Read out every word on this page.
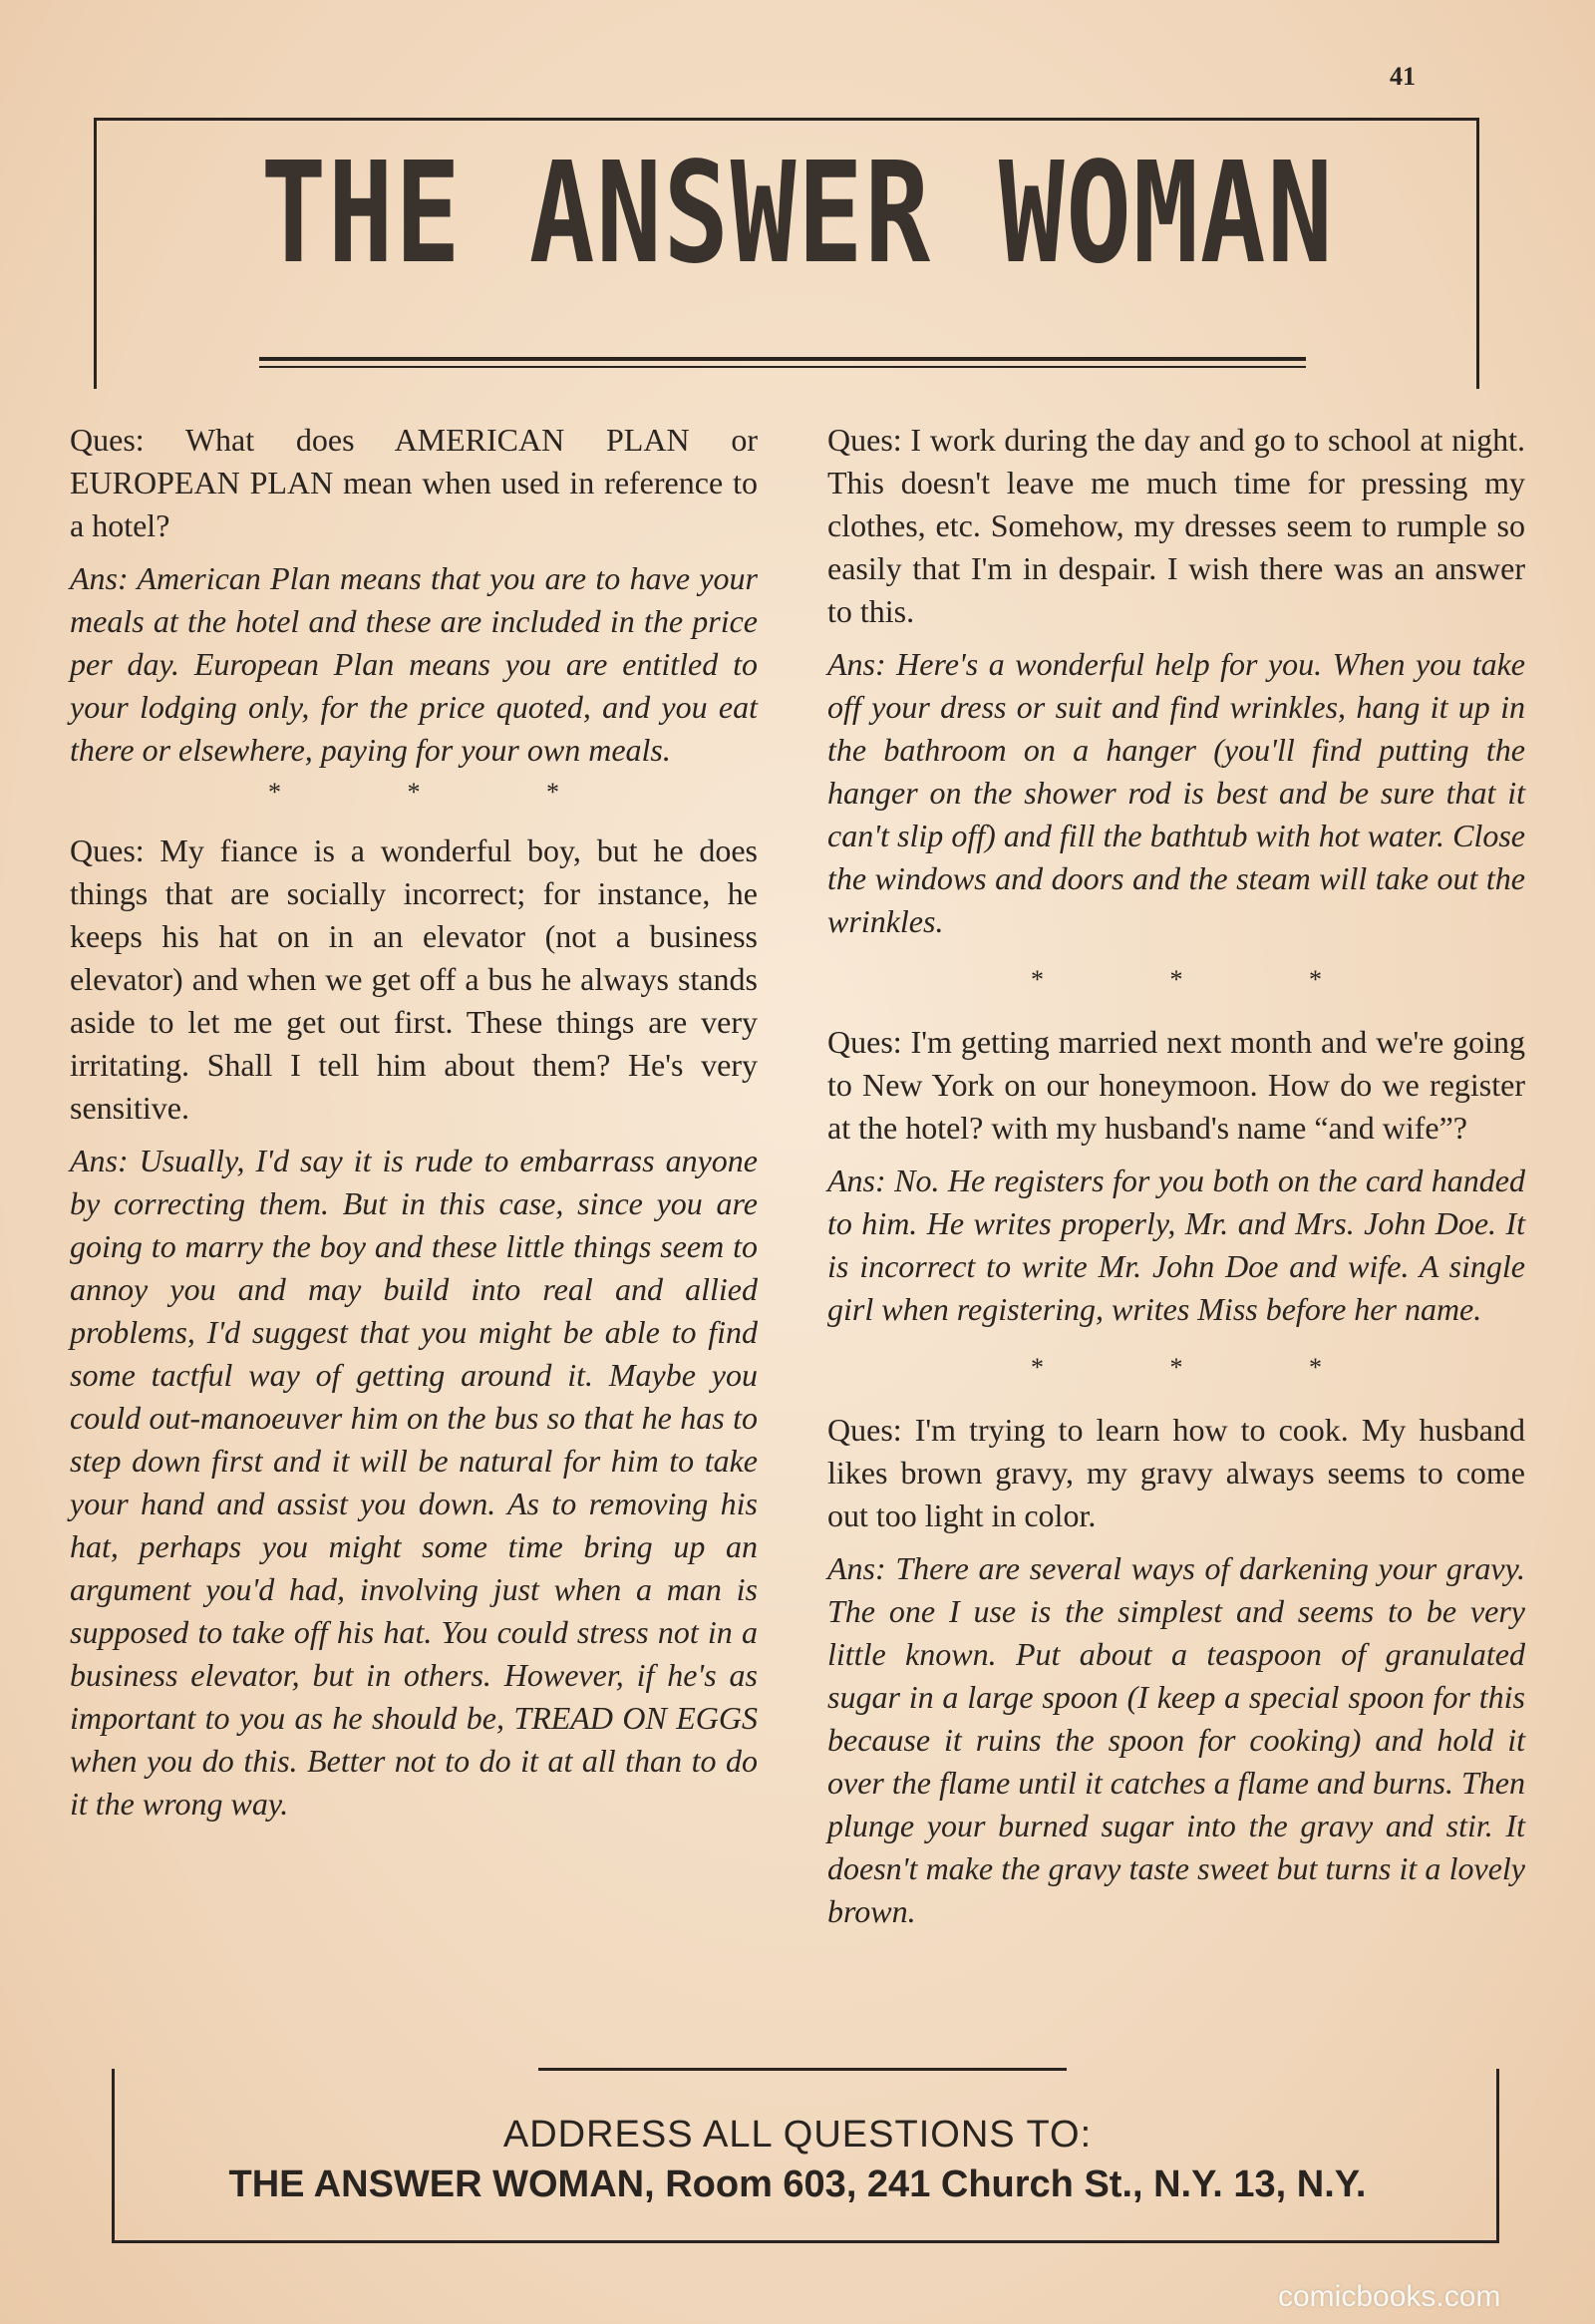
41
THE ANSWER WOMAN

Ques: What does AMERICAN PLAN or EUROPEAN PLAN mean when used in reference to a hotel?

Ans: American Plan means that you are to have your meals at the hotel and these are included in the price per day. European Plan means you are entitled to your lodging only, for the price quoted, and you eat there or elsewhere, paying for your own meals.

* * *

Ques: My fiance is a wonderful boy, but he does things that are socially incorrect; for instance, he keeps his hat on in an elevator (not a business elevator) and when we get off a bus he always stands aside to let me get out first. These things are very irritating. Shall I tell him about them? He's very sensitive.

Ans: Usually, I'd say it is rude to embarrass anyone by correcting them. But in this case, since you are going to marry the boy and these little things seem to annoy you and may build into real and allied problems, I'd suggest that you might be able to find some tactful way of getting around it. Maybe you could out-manoeuver him on the bus so that he has to step down first and it will be natural for him to take your hand and assist you down. As to removing his hat, perhaps you might some time bring up an argument you'd had, involving just when a man is supposed to take off his hat. You could stress not in a business elevator, but in others. However, if he's as important to you as he should be, TREAD ON EGGS when you do this. Better not to do it at all than to do it the wrong way.

Ques: I work during the day and go to school at night. This doesn't leave me much time for pressing my clothes, etc. Somehow, my dresses seem to rumple so easily that I'm in despair. I wish there was an answer to this.

Ans: Here's a wonderful help for you. When you take off your dress or suit and find wrinkles, hang it up in the bathroom on a hanger (you'll find putting the hanger on the shower rod is best and be sure that it can't slip off) and fill the bathtub with hot water. Close the windows and doors and the steam will take out the wrinkles.

* * *

Ques: I'm getting married next month and we're going to New York on our honeymoon. How do we register at the hotel? with my husband's name “and wife”?

Ans: No. He registers for you both on the card handed to him. He writes properly, Mr. and Mrs. John Doe. It is incorrect to write Mr. John Doe and wife. A single girl when registering, writes Miss before her name.

* * *

Ques: I'm trying to learn how to cook. My husband likes brown gravy, my gravy always seems to come out too light in color.

Ans: There are several ways of darkening your gravy. The one I use is the simplest and seems to be very little known. Put about a teaspoon of granulated sugar in a large spoon (I keep a special spoon for this because it ruins the spoon for cooking) and hold it over the flame until it catches a flame and burns. Then plunge your burned sugar into the gravy and stir. It doesn't make the gravy taste sweet but turns it a lovely brown.

ADDRESS ALL QUESTIONS TO:
THE ANSWER WOMAN, Room 603, 241 Church St., N.Y. 13, N.Y.
comicbooks.com
